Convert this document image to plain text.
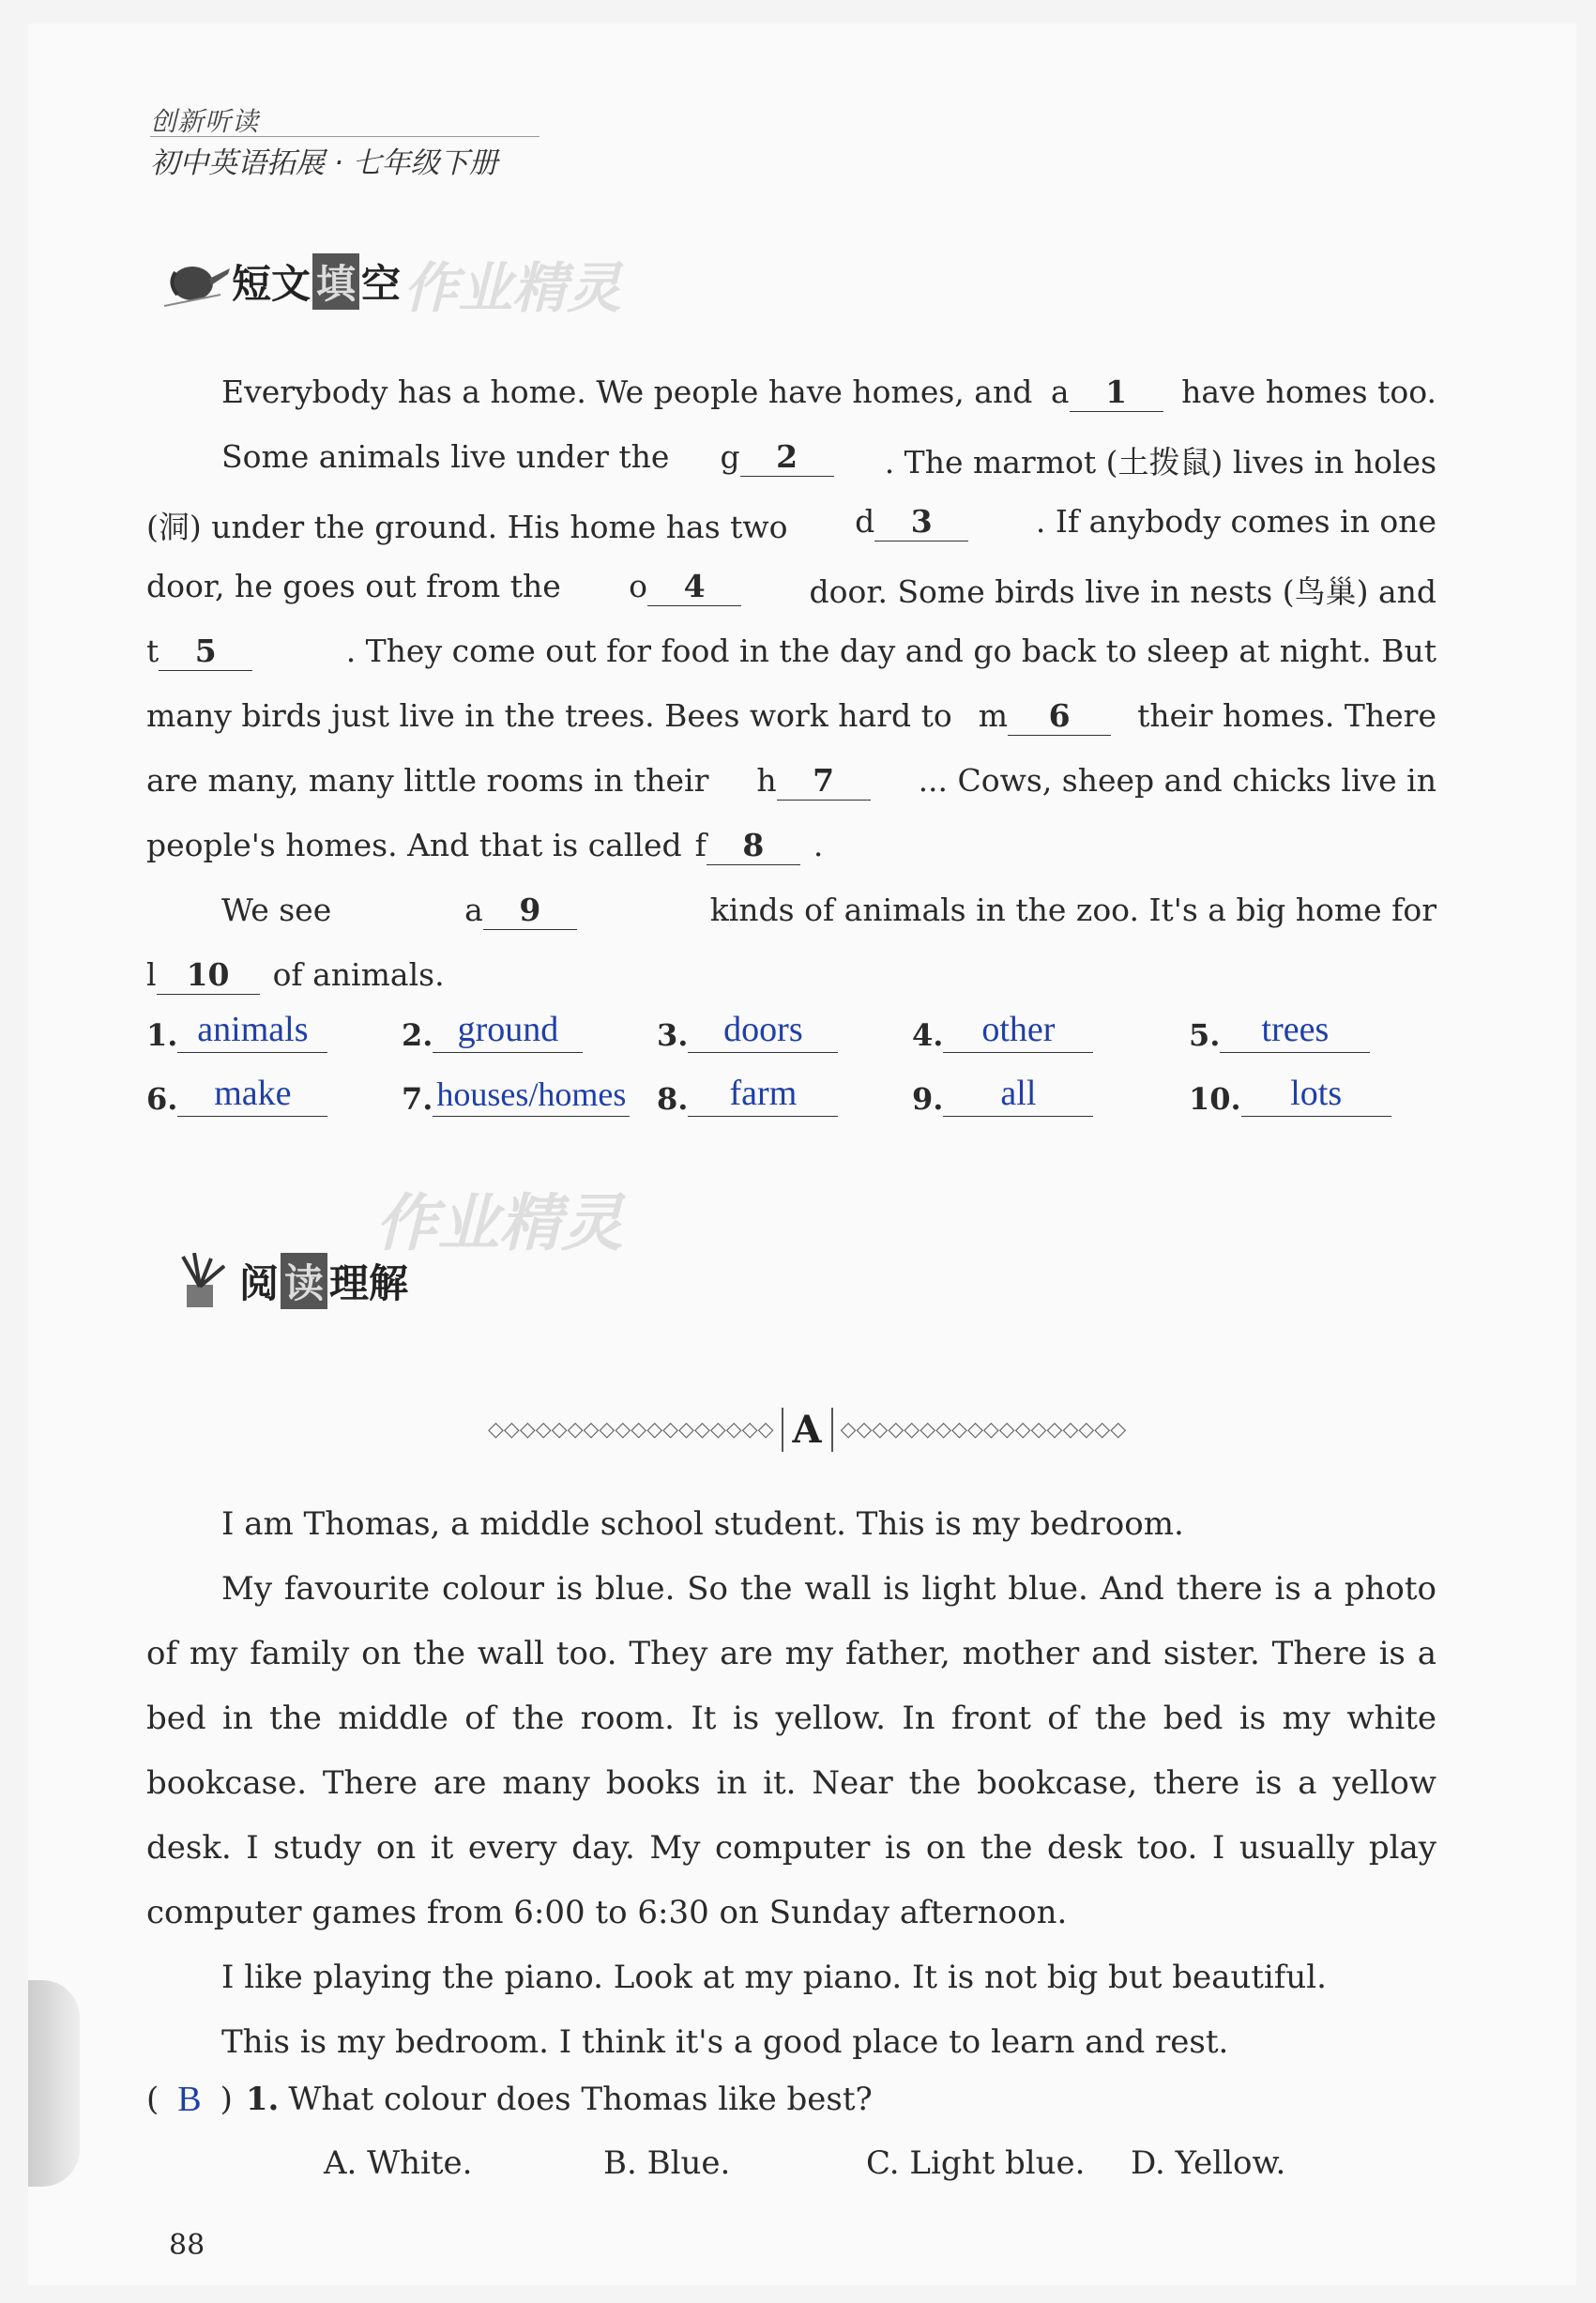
创新听读
初中英语拓展 · 七年级下册
短文 填 空 作业精灵
Everybody has a home. We people have homes, and a 1	have homes too.
Some animals live under the g 2	. The marmot (土拨鼠) lives in holes
(洞) under the ground. His home has two d 3	. If anybody comes in one
door, he goes out from the o 4	door. Some birds live in nests (鸟巢) and
t 5	. They come out for food in the day and go back to sleep at night. But
many birds just live in the trees. Bees work hard to m 6	their homes. There
are many, many little rooms in their h 7	... Cows, sheep and chicks live in
people's homes. And that is called f 8	.
We see	a 9	kinds of animals in the zoo. It's a big home for
l 10	of animals.
1. animals	2. ground	3. doors	4.	other	5.	trees
6.	make	7. houses/homes 8.	farm	9.	all	10.	lots
作业精灵
阅 读 理解
◇◇◇◇◇◇◇◇◇◇◇◇◇◇◇◇◇◇ A ◇◇◇◇◇◇◇◇◇◇◇◇◇◇◇◇◇◇
I am Thomas, a middle school student. This is my bedroom.
My favourite colour is blue. So the wall is light blue. And there is a photo of my family on the wall too. They are my father, mother and sister. There is a bed in the middle of the room. It is yellow. In front of the bed is my white bookcase. There are many books in it. Near the bookcase, there is a yellow desk. I study on it every day. My computer is on the desk too. I usually play computer games from 6:00 to 6:30 on Sunday afternoon.
I like playing the piano. Look at my piano. It is not big but beautiful.
This is my bedroom. I think it's a good place to learn and rest.
( B ) 1. What colour does Thomas like best?
A. White.	B. Blue.	C. Light blue. D. Yellow.
88
